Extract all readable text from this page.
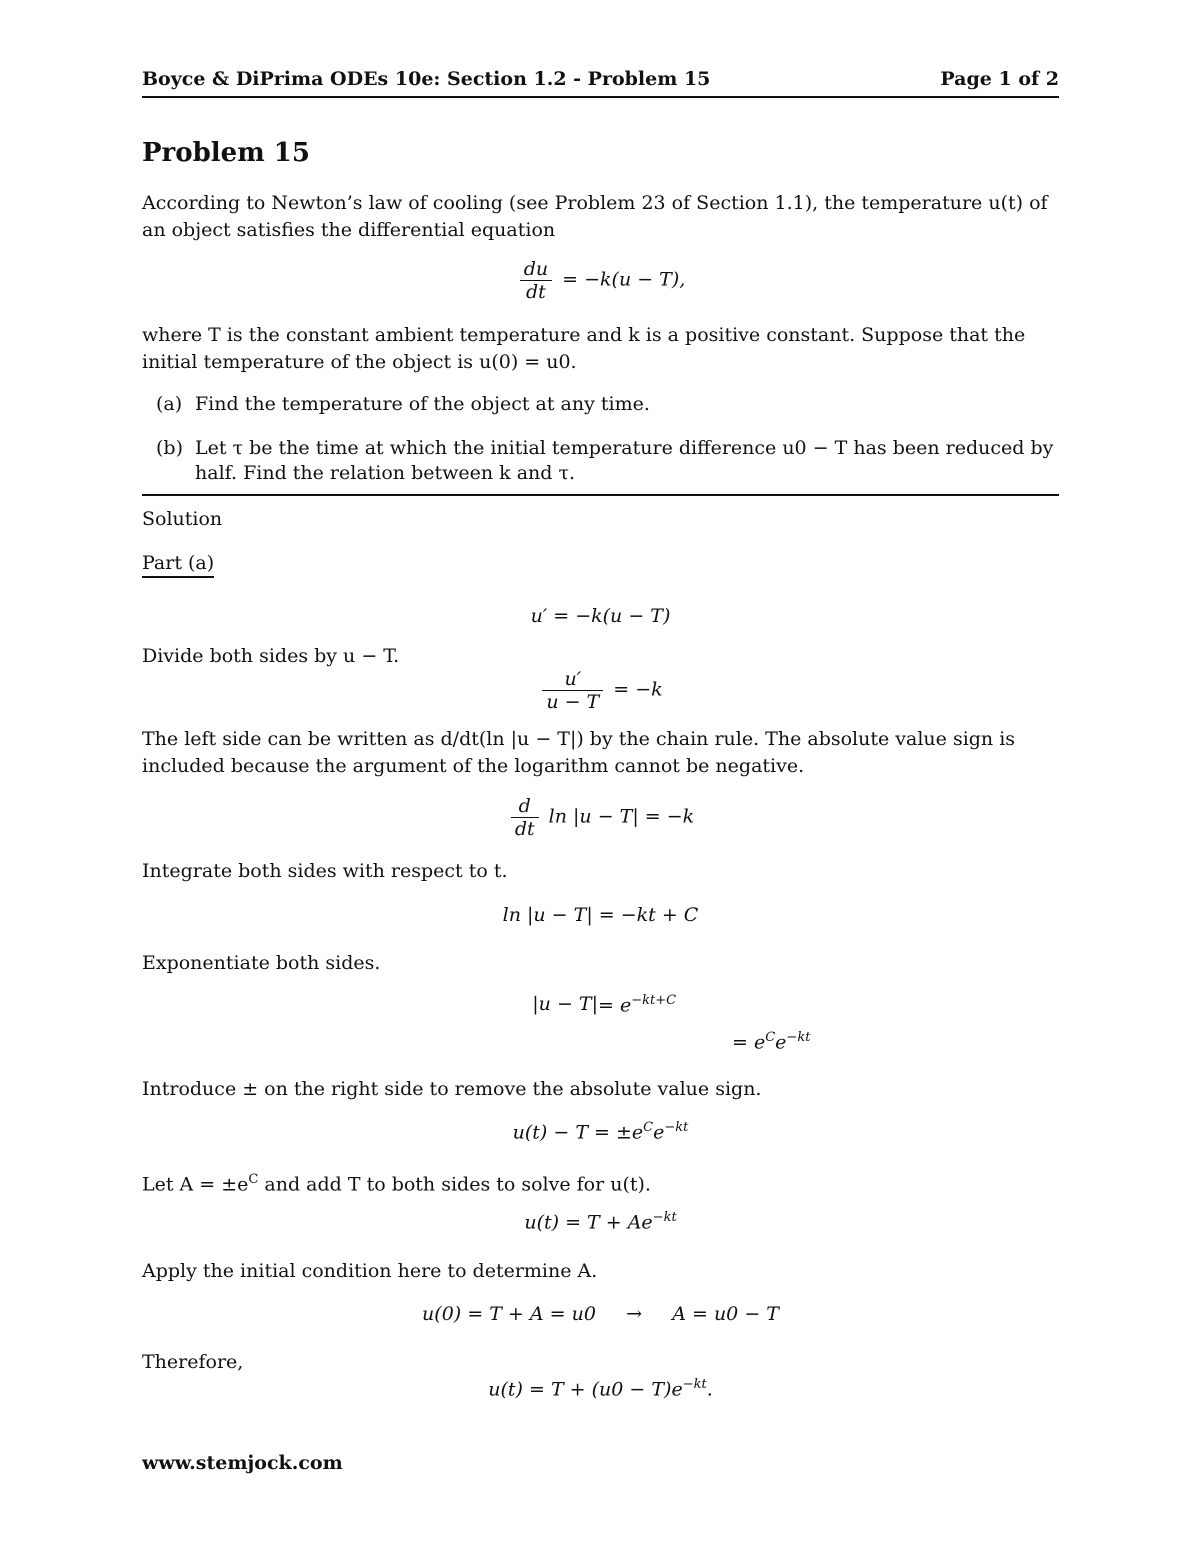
Boyce & DiPrima ODEs 10e: Section 1.2 - Problem 15	Page 1 of 2
Problem 15
According to Newton’s law of cooling (see Problem 23 of Section 1.1), the temperature u(t) of an object satisfies the differential equation
$\frac{du}{dt} = -k(u - T)$,
where T is the constant ambient temperature and k is a positive constant. Suppose that the initial temperature of the object is u(0) = u0.
(a) Find the temperature of the object at any time.
(b) Let τ be the time at which the initial temperature difference u0 − T has been reduced by half. Find the relation between k and τ.
Solution
Part (a)
u′ = −k(u − T)
Divide both sides by u − T.
$\frac{u'}{u - T} = -k$
The left side can be written as d/dt(ln |u − T|) by the chain rule. The absolute value sign is included because the argument of the logarithm cannot be negative.
$\frac{d}{dt}$ ln |u − T| = −k
Integrate both sides with respect to t.
ln |u − T| = −kt + C
Exponentiate both sides.
$|u - T| = e^{-kt+C}$
= $e^Ce^{-kt}$
Introduce ± on the right side to remove the absolute value sign.
$u(t) - T = \pm e^Ce^{-kt}$
Let $A = \pm e^C$ and add T to both sides to solve for u(t).
$u(t) = T + Ae^{-kt}$
Apply the initial condition here to determine A.
u(0) = T + A = u0     →     A = u0 − T
Therefore,
$u(t) = T + (u0 - T)e^{-kt}$.
www.stemjock.com
